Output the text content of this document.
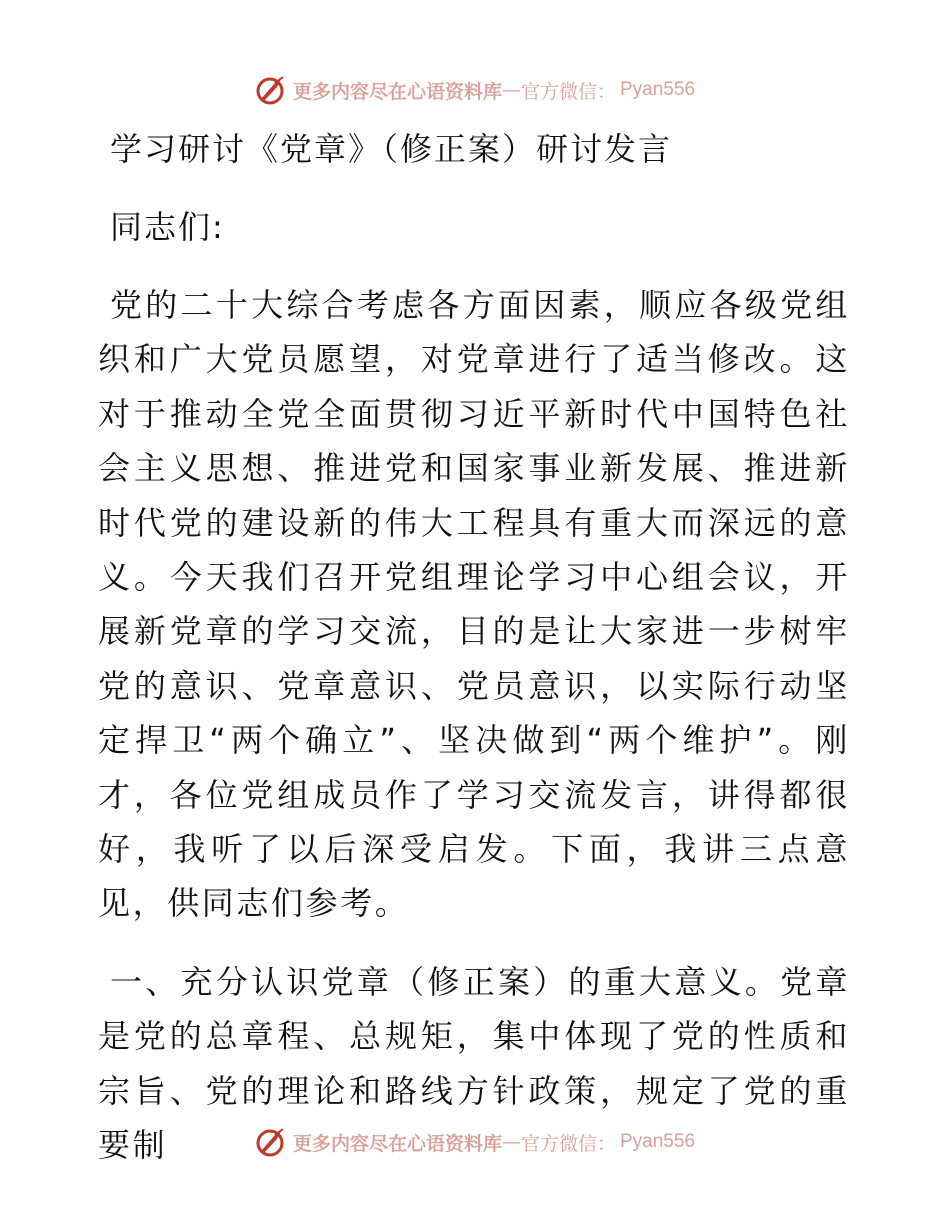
更多内容尽在心语资料库 — 官方微信： Pyan556
学习研讨《党章》（修正案）研讨发言
同志们:

党的二十大综合考虑各方面因素，顺应各级党组织和广大党员愿望，对党章进行了适当修改。这对于推动全党全面贯彻习近平新时代中国特色社会主义思想、推进党和国家事业新发展、推进新时代党的建设新的伟大工程具有重大而深远的意义。今天我们召开党组理论学习中心组会议，开展新党章的学习交流，目的是让大家进一步树牢党的意识、党章意识、党员意识，以实际行动坚定捍卫“两个确立”、坚决做到“两个维护”。刚才，各位党组成员作了学习交流发言，讲得都很好，我听了以后深受启发。下面，我讲三点意见，供同志们参考。

一、充分认识党章（修正案）的重大意义。党章是党的总章程、总规矩，集中体现了党的性质和宗旨、党的理论和路线方针政策，规定了党的重要制	更多内容尽在心语资料库 — 官方微信： Pyan556
